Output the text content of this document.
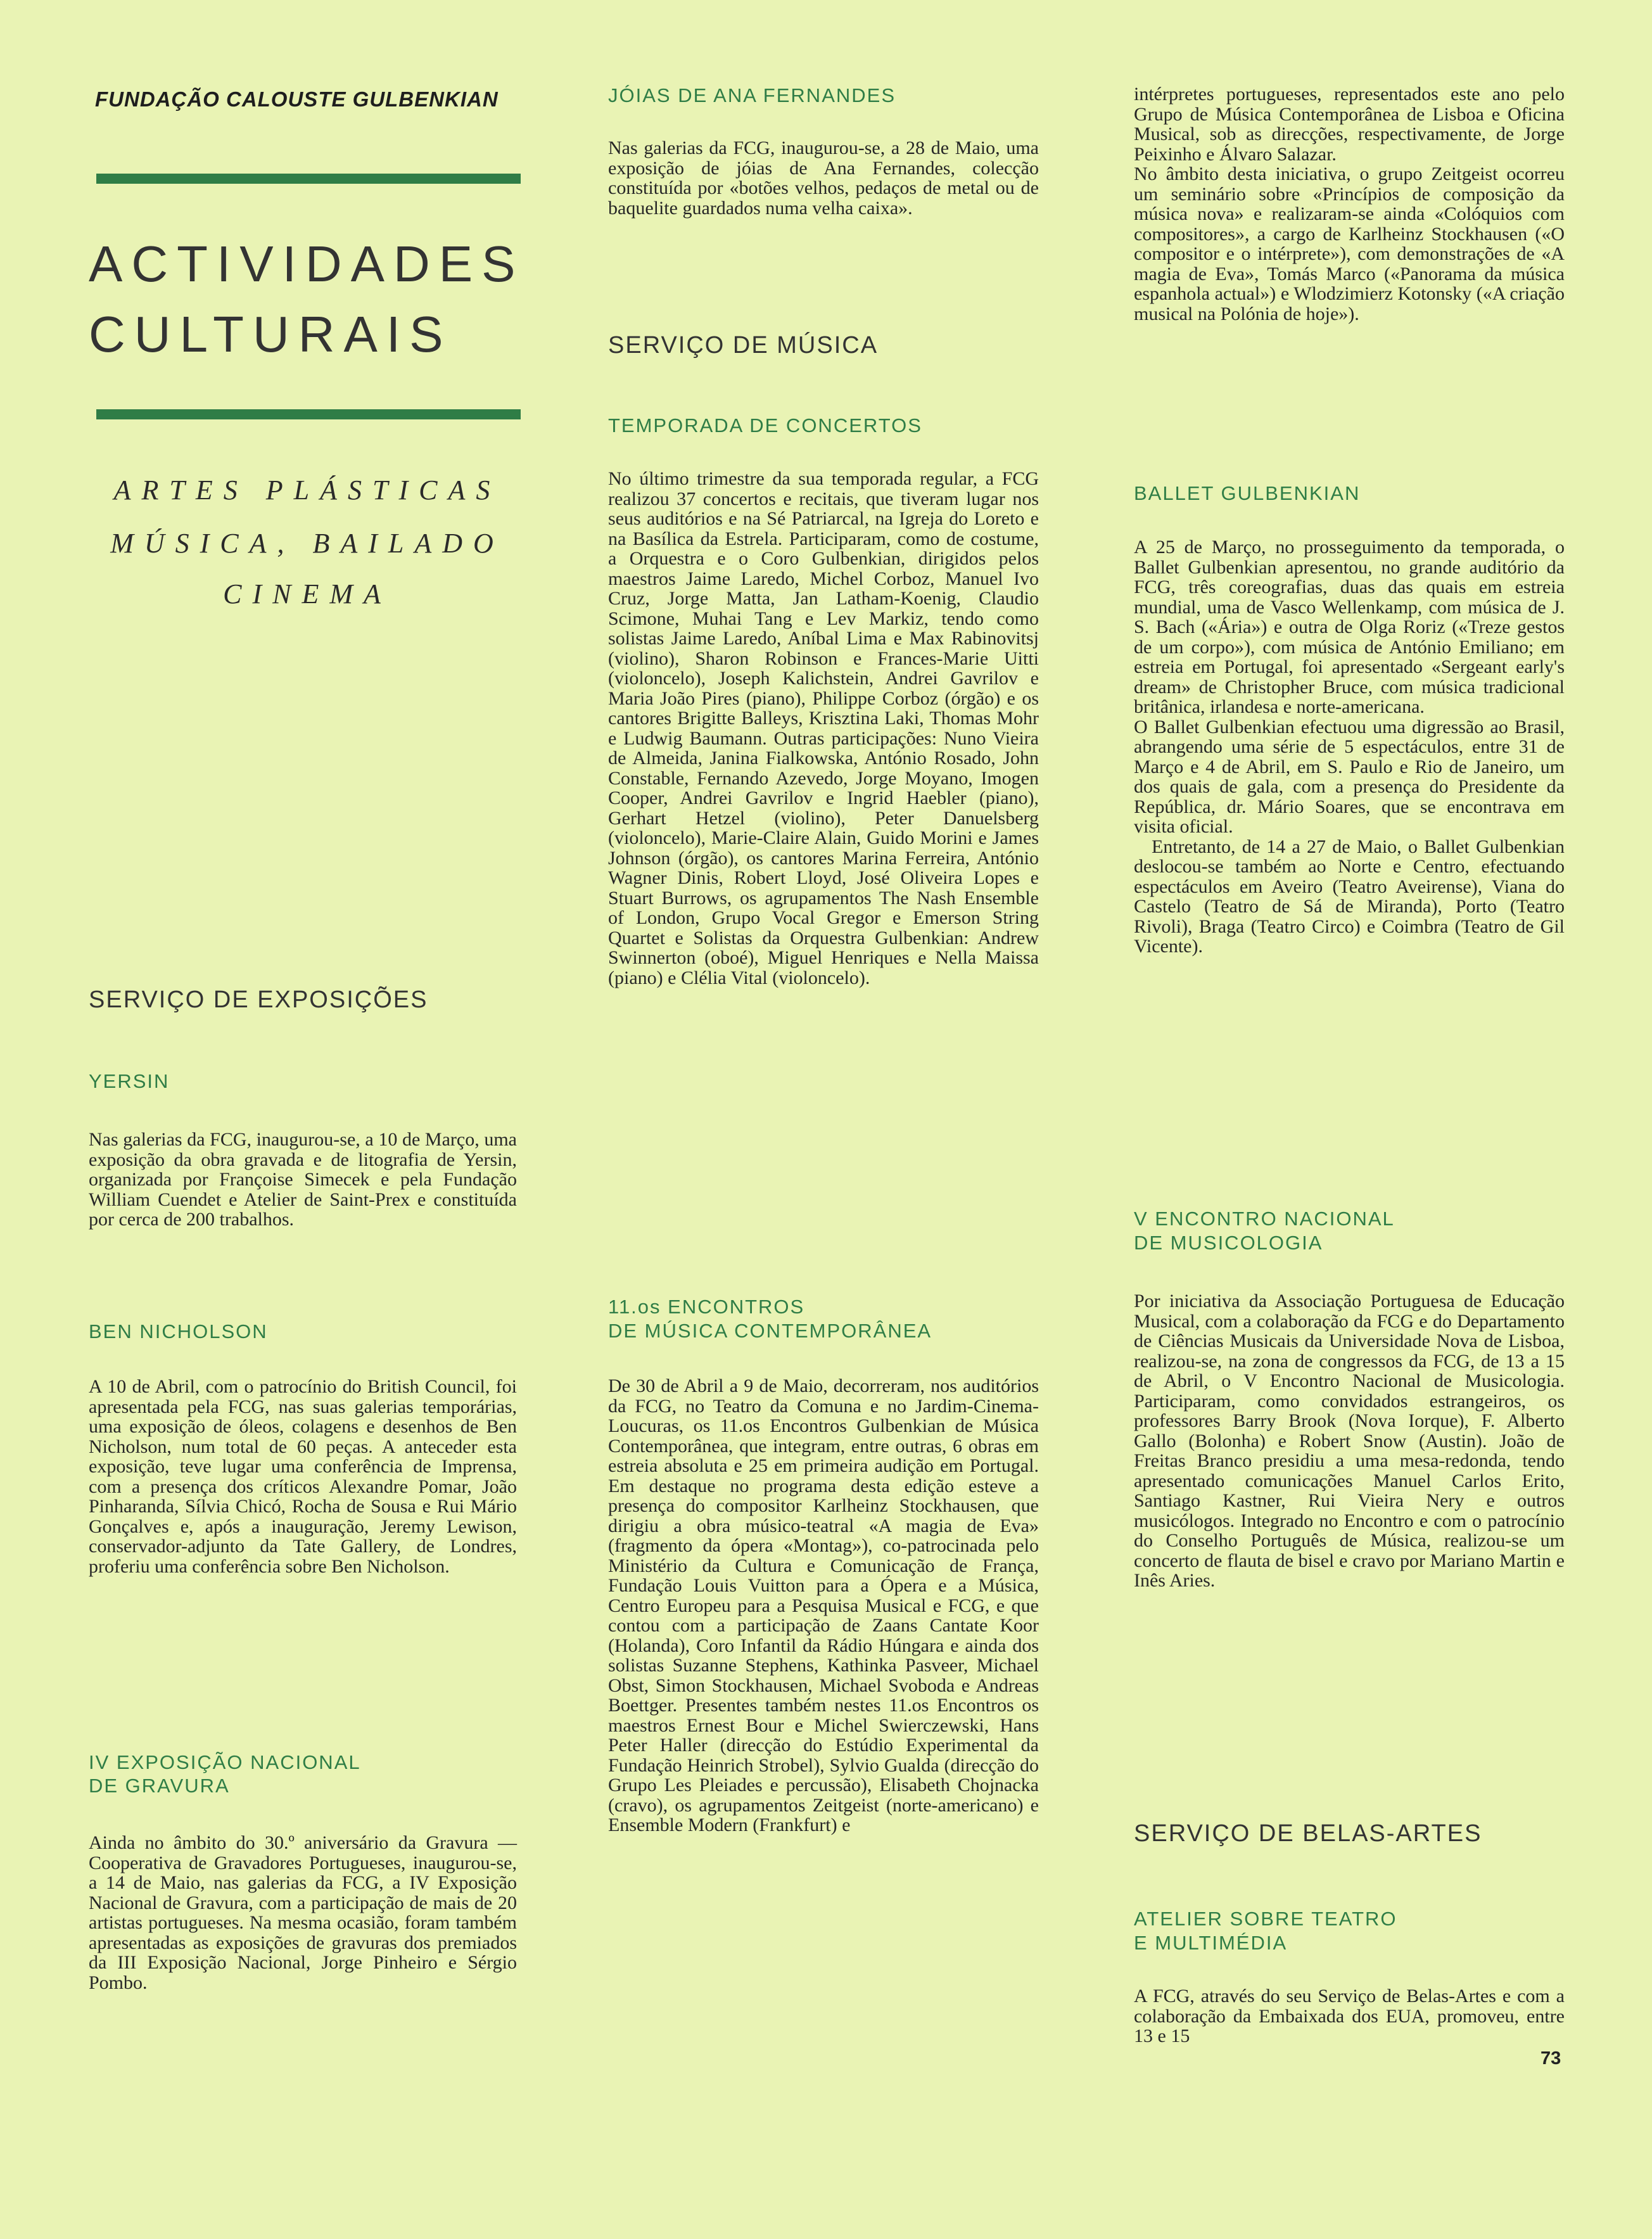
FUNDAÇÃO CALOUSTE GULBENKIAN
ACTIVIDADES
CULTURAIS
ARTES PLÁSTICAS
MÚSICA, BAILADO
CINEMA
SERVIÇO DE EXPOSIÇÕES
YERSIN

Nas galerias da FCG, inaugurou-se, a 10 de Março, uma exposição da obra gravada e de litografia de Yersin, organizada por Françoise Simecek e pela Fundação William Cuendet e Atelier de Saint-Prex e constituída por cerca de 200 trabalhos.

BEN NICHOLSON

A 10 de Abril, com o patrocínio do British Council, foi apresentada pela FCG, nas suas galerias temporárias, uma exposição de óleos, colagens e desenhos de Ben Nicholson, num total de 60 peças. A anteceder esta exposição, teve lugar uma conferência de Imprensa, com a presença dos críticos Alexandre Pomar, João Pinharanda, Sílvia Chicó, Rocha de Sousa e Rui Mário Gonçalves e, após a inauguração, Jeremy Lewison, conservador-adjunto da Tate Gallery, de Londres, proferiu uma conferência sobre Ben Nicholson.

IV EXPOSIÇÃO NACIONAL
DE GRAVURA

Ainda no âmbito do 30.º aniversário da Gravura — Cooperativa de Gravadores Portugueses, inaugurou-se, a 14 de Maio, nas galerias da FCG, a IV Exposição Nacional de Gravura, com a participação de mais de 20 artistas portugueses. Na mesma ocasião, foram também apresentadas as exposições de gravuras dos premiados da III Exposição Nacional, Jorge Pinheiro e Sérgio Pombo.

JÓIAS DE ANA FERNANDES

Nas galerias da FCG, inaugurou-se, a 28 de Maio, uma exposição de jóias de Ana Fernandes, colecção constituída por «botões velhos, pedaços de metal ou de baquelite guardados numa velha caixa».

SERVIÇO DE MÚSICA
TEMPORADA DE CONCERTOS

No último trimestre da sua temporada regular, a FCG realizou 37 concertos e recitais, que tiveram lugar nos seus auditórios e na Sé Patriarcal, na Igreja do Loreto e na Basílica da Estrela. Participaram, como de costume, a Orquestra e o Coro Gulbenkian, dirigidos pelos maestros Jaime Laredo, Michel Corboz, Manuel Ivo Cruz, Jorge Matta, Jan Latham-Koenig, Claudio Scimone, Muhai Tang e Lev Markiz, tendo como solistas Jaime Laredo, Aníbal Lima e Max Rabinovitsj (violino), Sharon Robinson e Frances-Marie Uitti (violoncelo), Joseph Kalichstein, Andrei Gavrilov e Maria João Pires (piano), Philippe Corboz (órgão) e os cantores Brigitte Balleys, Krisztina Laki, Thomas Mohr e Ludwig Baumann. Outras participações: Nuno Vieira de Almeida, Janina Fialkowska, António Rosado, John Constable, Fernando Azevedo, Jorge Moyano, Imogen Cooper, Andrei Gavrilov e Ingrid Haebler (piano), Gerhart Hetzel (violino), Peter Danuelsberg (violoncelo), Marie-Claire Alain, Guido Morini e James Johnson (órgão), os cantores Marina Ferreira, António Wagner Dinis, Robert Lloyd, José Oliveira Lopes e Stuart Burrows, os agrupamentos The Nash Ensemble of London, Grupo Vocal Gregor e Emerson String Quartet e Solistas da Orquestra Gulbenkian: Andrew Swinnerton (oboé), Miguel Henriques e Nella Maissa (piano) e Clélia Vital (violoncelo).

11.os ENCONTROS
DE MÚSICA CONTEMPORÂNEA

De 30 de Abril a 9 de Maio, decorreram, nos auditórios da FCG, no Teatro da Comuna e no Jardim-Cinema-Loucuras, os 11.os Encontros Gulbenkian de Música Contemporânea, que integram, entre outras, 6 obras em estreia absoluta e 25 em primeira audição em Portugal. Em destaque no programa desta edição esteve a presença do compositor Karlheinz Stockhausen, que dirigiu a obra músico-teatral «A magia de Eva» (fragmento da ópera «Montag»), co-patrocinada pelo Ministério da Cultura e Comunicação de França, Fundação Louis Vuitton para a Ópera e a Música, Centro Europeu para a Pesquisa Musical e FCG, e que contou com a participação de Zaans Cantate Koor (Holanda), Coro Infantil da Rádio Húngara e ainda dos solistas Suzanne Stephens, Kathinka Pasveer, Michael Obst, Simon Stockhausen, Michael Svoboda e Andreas Boettger. Presentes também nestes 11.os Encontros os maestros Ernest Bour e Michel Swierczewski, Hans Peter Haller (direcção do Estúdio Experimental da Fundação Heinrich Strobel), Sylvio Gualda (direcção do Grupo Les Pleiades e percussão), Elisabeth Chojnacka (cravo), os agrupamentos Zeitgeist (norte-americano) e Ensemble Modern (Frankfurt) e

intérpretes portugueses, representados este ano pelo Grupo de Música Contemporânea de Lisboa e Oficina Musical, sob as direcções, respectivamente, de Jorge Peixinho e Álvaro Salazar.

No âmbito desta iniciativa, o grupo Zeitgeist ocorreu um seminário sobre «Princípios de composição da música nova» e realizaram-se ainda «Colóquios com compositores», a cargo de Karlheinz Stockhausen («O compositor e o intérprete»), com demonstrações de «A magia de Eva», Tomás Marco («Panorama da música espanhola actual») e Wlodzimierz Kotonsky («A criação musical na Polónia de hoje»).

BALLET GULBENKIAN

A 25 de Março, no prosseguimento da temporada, o Ballet Gulbenkian apresentou, no grande auditório da FCG, três coreografias, duas das quais em estreia mundial, uma de Vasco Wellenkamp, com música de J. S. Bach («Ária») e outra de Olga Roriz («Treze gestos de um corpo»), com música de António Emiliano; em estreia em Portugal, foi apresentado «Sergeant early's dream» de Christopher Bruce, com música tradicional britânica, irlandesa e norte-americana.

O Ballet Gulbenkian efectuou uma digressão ao Brasil, abrangendo uma série de 5 espectáculos, entre 31 de Março e 4 de Abril, em S. Paulo e Rio de Janeiro, um dos quais de gala, com a presença do Presidente da República, dr. Mário Soares, que se encontrava em visita oficial.

Entretanto, de 14 a 27 de Maio, o Ballet Gulbenkian deslocou-se também ao Norte e Centro, efectuando espectáculos em Aveiro (Teatro Aveirense), Viana do Castelo (Teatro de Sá de Miranda), Porto (Teatro Rivoli), Braga (Teatro Circo) e Coimbra (Teatro de Gil Vicente).

V ENCONTRO NACIONAL
DE MUSICOLOGIA

Por iniciativa da Associação Portuguesa de Educação Musical, com a colaboração da FCG e do Departamento de Ciências Musicais da Universidade Nova de Lisboa, realizou-se, na zona de congressos da FCG, de 13 a 15 de Abril, o V Encontro Nacional de Musicologia. Participaram, como convidados estrangeiros, os professores Barry Brook (Nova Iorque), F. Alberto Gallo (Bolonha) e Robert Snow (Austin). João de Freitas Branco presidiu a uma mesa-redonda, tendo apresentado comunicações Manuel Carlos Erito, Santiago Kastner, Rui Vieira Nery e outros musicólogos. Integrado no Encontro e com o patrocínio do Conselho Português de Música, realizou-se um concerto de flauta de bisel e cravo por Mariano Martin e Inês Aries.

SERVIÇO DE BELAS-ARTES
ATELIER SOBRE TEATRO
E MULTIMÉDIA

A FCG, através do seu Serviço de Belas-Artes e com a colaboração da Embaixada dos EUA, promoveu, entre 13 e 15

73
